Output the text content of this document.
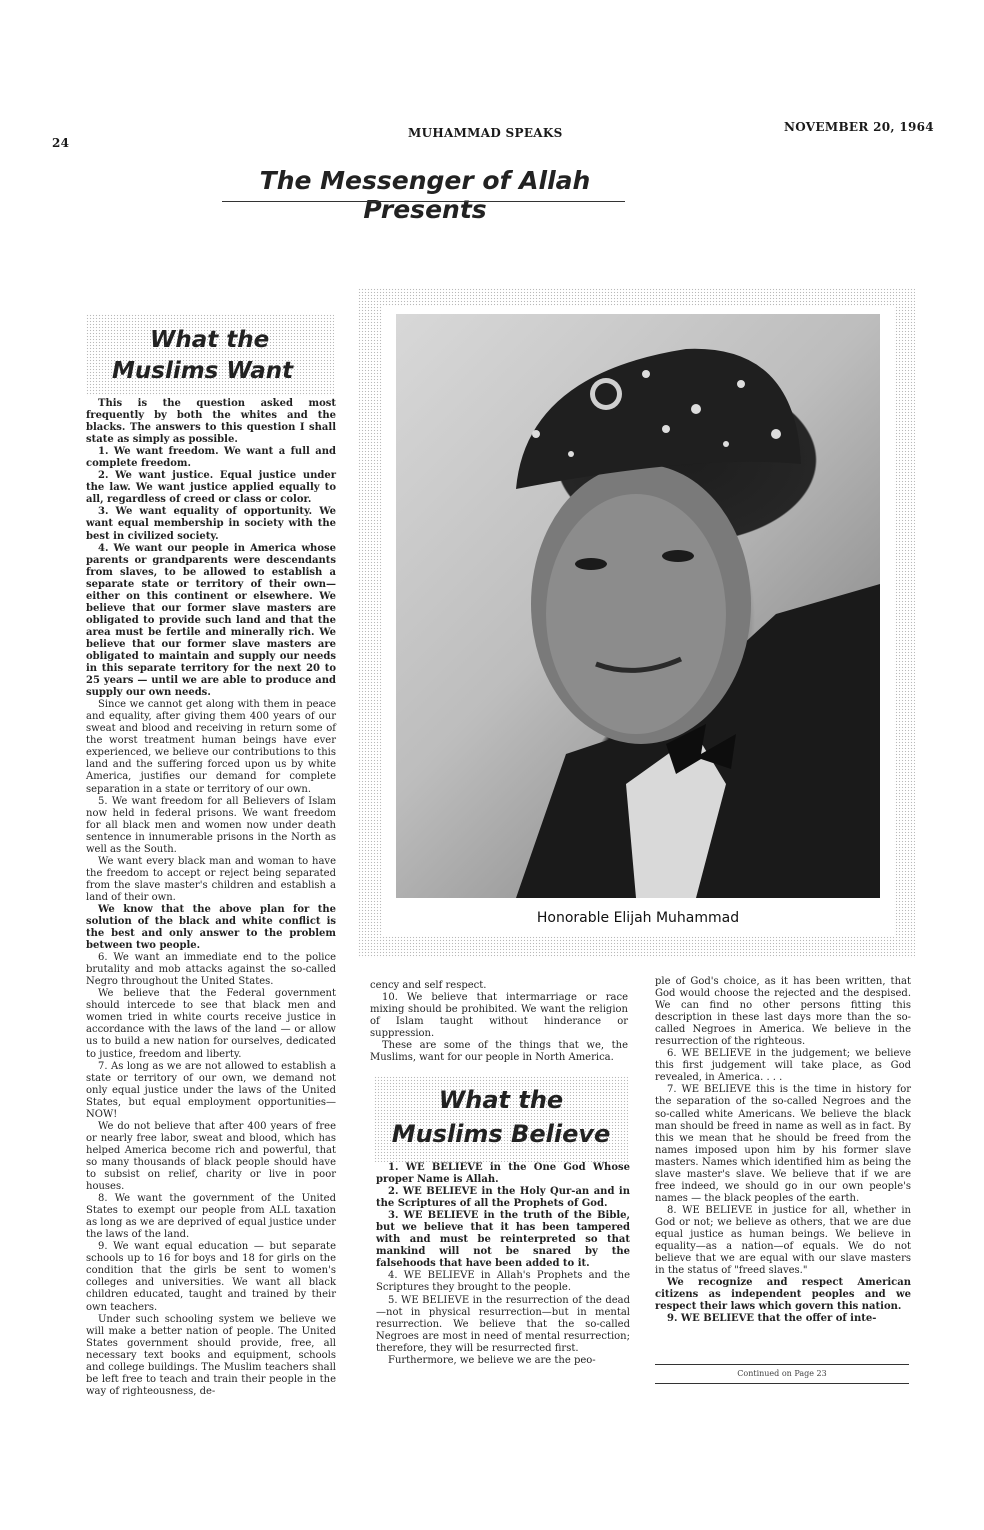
24
MUHAMMAD SPEAKS	NOVEMBER 20, 1964
The Messenger of Allah Presents
What the
Muslims Want

This is the question asked most frequently by both the whites and the blacks. The answers to this question I shall state as simply as possible.

1. We want freedom. We want a full and complete freedom.

2. We want justice. Equal justice under the law. We want justice applied equally to all, regardless of creed or class or color.

3. We want equality of opportunity. We want equal membership in society with the best in civilized society.

4. We want our people in America whose parents or grandparents were descendants from slaves, to be allowed to establish a separate state or territory of their own—either on this continent or elsewhere. We believe that our former slave masters are obligated to provide such land and that the area must be fertile and minerally rich. We believe that our former slave masters are obligated to maintain and supply our needs in this separate territory for the next 20 to 25 years — until we are able to produce and supply our own needs.

Since we cannot get along with them in peace and equality, after giving them 400 years of our sweat and blood and receiving in return some of the worst treatment human beings have ever experienced, we believe our contributions to this land and the suffering forced upon us by white America, justifies our demand for complete separation in a state or territory of our own.

5. We want freedom for all Believers of Islam now held in federal prisons. We want freedom for all black men and women now under death sentence in innumerable prisons in the North as well as the South.

We want every black man and woman to have the freedom to accept or reject being separated from the slave master's children and establish a land of their own.

We know that the above plan for the solution of the black and white conflict is the best and only answer to the problem between two people.

6. We want an immediate end to the police brutality and mob attacks against the so-called Negro throughout the United States.

We believe that the Federal government should intercede to see that black men and women tried in white courts receive justice in accordance with the laws of the land — or allow us to build a new nation for ourselves, dedicated to justice, freedom and liberty.

7. As long as we are not allowed to establish a state or territory of our own, we demand not only equal justice under the laws of the United States, but equal employment opportunities—NOW!

We do not believe that after 400 years of free or nearly free labor, sweat and blood, which has helped America become rich and powerful, that so many thousands of black people should have to subsist on relief, charity or live in poor houses.

8. We want the government of the United States to exempt our people from ALL taxation as long as we are deprived of equal justice under the laws of the land.

9. We want equal education — but separate schools up to 16 for boys and 18 for girls on the condition that the girls be sent to women's colleges and universities. We want all black children educated, taught and trained by their own teachers.

Under such schooling system we believe we will make a better nation of people. The United States government should provide, free, all necessary text books and equipment, schools and college buildings. The Muslim teachers shall be left free to teach and train their people in the way of righteousness, de-

Honorable Elijah Muhammad

cency and self respect.

10. We believe that intermarriage or race mixing should be prohibited. We want the religion of Islam taught without hinderance or suppression.

These are some of the things that we, the Muslims, want for our people in North America.

What the
Muslims Believe

1. WE BELIEVE in the One God Whose proper Name is Allah.

2. WE BELIEVE in the Holy Qur-an and in the Scriptures of all the Prophets of God.

3. WE BELIEVE in the truth of the Bible, but we believe that it has been tampered with and must be reinterpreted so that mankind will not be snared by the falsehoods that have been added to it.

4. WE BELIEVE in Allah's Prophets and the Scriptures they brought to the people.

5. WE BELIEVE in the resurrection of the dead—not in physical resurrection—but in mental resurrection. We believe that the so-called Negroes are most in need of mental resurrection; therefore, they will be resurrected first.

Furthermore, we believe we are the peo-

ple of God's choice, as it has been written, that God would choose the rejected and the despised. We can find no other persons fitting this description in these last days more than the so-called Negroes in America. We believe in the resurrection of the righteous.

6. WE BELIEVE in the judgement; we believe this first judgement will take place, as God revealed, in America. . . .

7. WE BELIEVE this is the time in history for the separation of the so-called Negroes and the so-called white Americans. We believe the black man should be freed in name as well as in fact. By this we mean that he should be freed from the names imposed upon him by his former slave masters. Names which identified him as being the slave master's slave. We believe that if we are free indeed, we should go in our own people's names — the black peoples of the earth.

8. WE BELIEVE in justice for all, whether in God or not; we believe as others, that we are due equal justice as human beings. We believe in equality—as a nation—of equals. We do not believe that we are equal with our slave masters in the status of "freed slaves."

We recognize and respect American citizens as independent peoples and we respect their laws which govern this nation.

9. WE BELIEVE that the offer of inte-

Continued on Page 23
